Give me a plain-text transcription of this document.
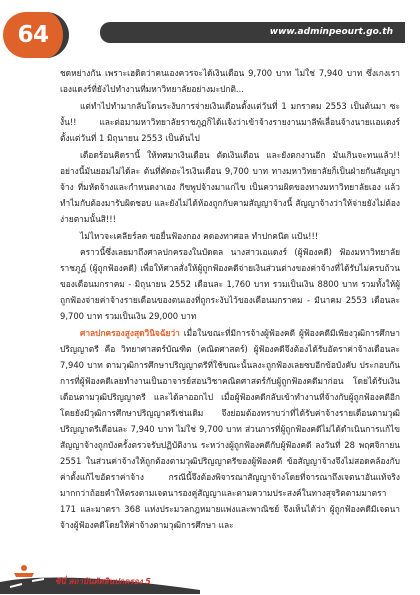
64	www.adminpeourt.go.th

ชดหย่างกัน เพราะเฮดิดว่าคนเองควรจะได้เงินเดือน 9,700 บาท ไม่ใช่ 7,940 บาท ซึ่งเกงเราเองแดงร์ที่ยังไปทำงานที่มหาวิทยาลัยอย่างมะปกติ...

แต่ทำไปทำมากลับโดนระงับการจ่ายเงินเดือนตั้งแต่วันที่ 1 มกราคม 2553 เป็นต้นมา ซะงั้น!! และต่อมามหาวิทยาลัยราชภูฏก็ได้เเจ้งว่าเข้าจ้างรายงานมาลีพ์เลื่อนจ้างนายเเอแดงร์ ตั้งแต่วันที่ 1 มิถุนายน 2553 เป็นต้นไป

เดือดร้อนคิดรานี้ ให้ทศมาเงินเดือน ตัดเงินเดือน และยังตกงานอีก มันเกินจะทนแล้ว!! อย่างนี้มันยอมไม่ได้ละ ต้นที่ตัดอะไรเงินเดือน 9,700 บาท ทางมหาวิทยาลัยก็เป็นฝ่ายกันสัญญาจ้าง ที่มหัดจ้างและกำหนดงาเอง กีขพูปจ้างมาแก่ไข เป็นความผิดของทางมหาวิทยาลัยเอง แล้วทำไมกับต้องมารับผิดชอบ และยังไม่ได้ห้องถูกกับคามสัญญาจ้างนี้ สัญญาจ้างว่าให้จ่ายยังไม่ต้องง่ายตามนั้นสิ!!!

ไม่ไหวจะเคลียร์ลด ขอยื่นฟ้องกอง คดองทาศอล ทำปกคนีด แป้น!!!

คราวนี้ซึ่งเลยมาถึงศาลปกครองในบัดดล นางสาวเอแดงร์ (ผู้ฟ้องคดี) ฟ้องมหาวิทยาลัยราชภูฏ์ (ผู้ถูกฟ้องคดี) เพื่อให้ศาลสั่งให้ผู้ถูกฟ้องคดีจ่ายเงินส่วนต่างของค่าจ้างที่ได้รับไม่ครบถ้วนของเดือนมกราคม - มิถุนายน 2552 เดือนละ 1,760 บาท รวมเป็นเงิน 8800 บาท รวมทั้งให้ผู้ถูกฟ้องจ่ายค่าจ้างรายเดือนของตนเองที่ถูกระงับไว้ของเดือนมกราคม - มีนาคม 2553 เดือนละ 9,700 บาท รวมเป็นเงิน 29,000 บาท

ศาลปกครองสูงสุดวินิจฉัยว่า เมื่อในขณะที่มีการจ้างผู้ฟ้องคดี ผู้ฟ้องคดีมีเพียงวุฒิการศึกษาปริญญาตรี คือ วิทยาศาสตร์บัณฑิต (คณิตศาสตร์) ผู้ฟ้องคดีจึงต้องได้รับอัตราค่าจ้างเดือนละ 7,940 บาท ตามวุฒิการศึกษาปริญญาตรีที่ใช้ขณะนั้นลงะถูกฟ้องเลยซบอีกข้อบังคับ ประกอบกันการที่ผู้ฟ้องคดีเลยทำงานเป็นอาจารย์สอนวิชาคณิตศาสตร์กับผู้ถูกฟ้องคดีมาก่อน โดยได้รับเงินเดือนตามวุฒิปริญญาตรี และได้ลาออกไป เมื่อผู้ฟ้องคดีกลับเข้าทำงานที่จ้างกับผู้ถูกฟ้องคดีอีกโดยยังมีวุฒิการศึกษาปริญญาตรีเช่นเดิม จึงย่อมต้องทราบว่าที่ได้รับค่าจ้างรายเดือนตามวุฒิปริญญาตรีเดือนละ 7,940 บาท ไม่ใช่ 9,700 บาท ส่วนการที่ผู้ถูกฟ้องคดีไม่ได้ดำเนินการแก้ไขสัญญาจ้างถูกบังครั้งตรวจรับปฏิบัติงาน ระหว่างผู้ถูกฟ้องคดีกับผู้ฟ้องคดี ลงวันที่ 28 พฤศจิกายน 2551 ในส่วนค่าจ้างให้ถูกต้องตามวุฒิปริญญาตรีของผู้ฟ้องคดี ข้อสัญญาจ้างจึงไม่สอดคล้องกับค่าตั้งแก้ไขอัตราค่าจ้าง กรณีนี้จึงต้องพิจารณาสัญญาจ้างโดยที่จารณาถึงเจตนาอันแท้จริงมากกว่าถ้อยคำให้ตรงตามเจตนารองคู่สัญญาและตามความประสงค์ในทางสุจริตตามมาตรา 171 และมาตรา 368 แห่งประมวลกฎหมายแพ่งและพาณิชย์ จึงเห็นได้ว่า ผู้ถูกฟ้องคดีมีเจตนาจ้างผู้ฟ้องคดีโดยให้ค่าจ้างตามวุฒิการศึกษา และ

ซีนี่ สถาบันตัดสินปกครอง 5
